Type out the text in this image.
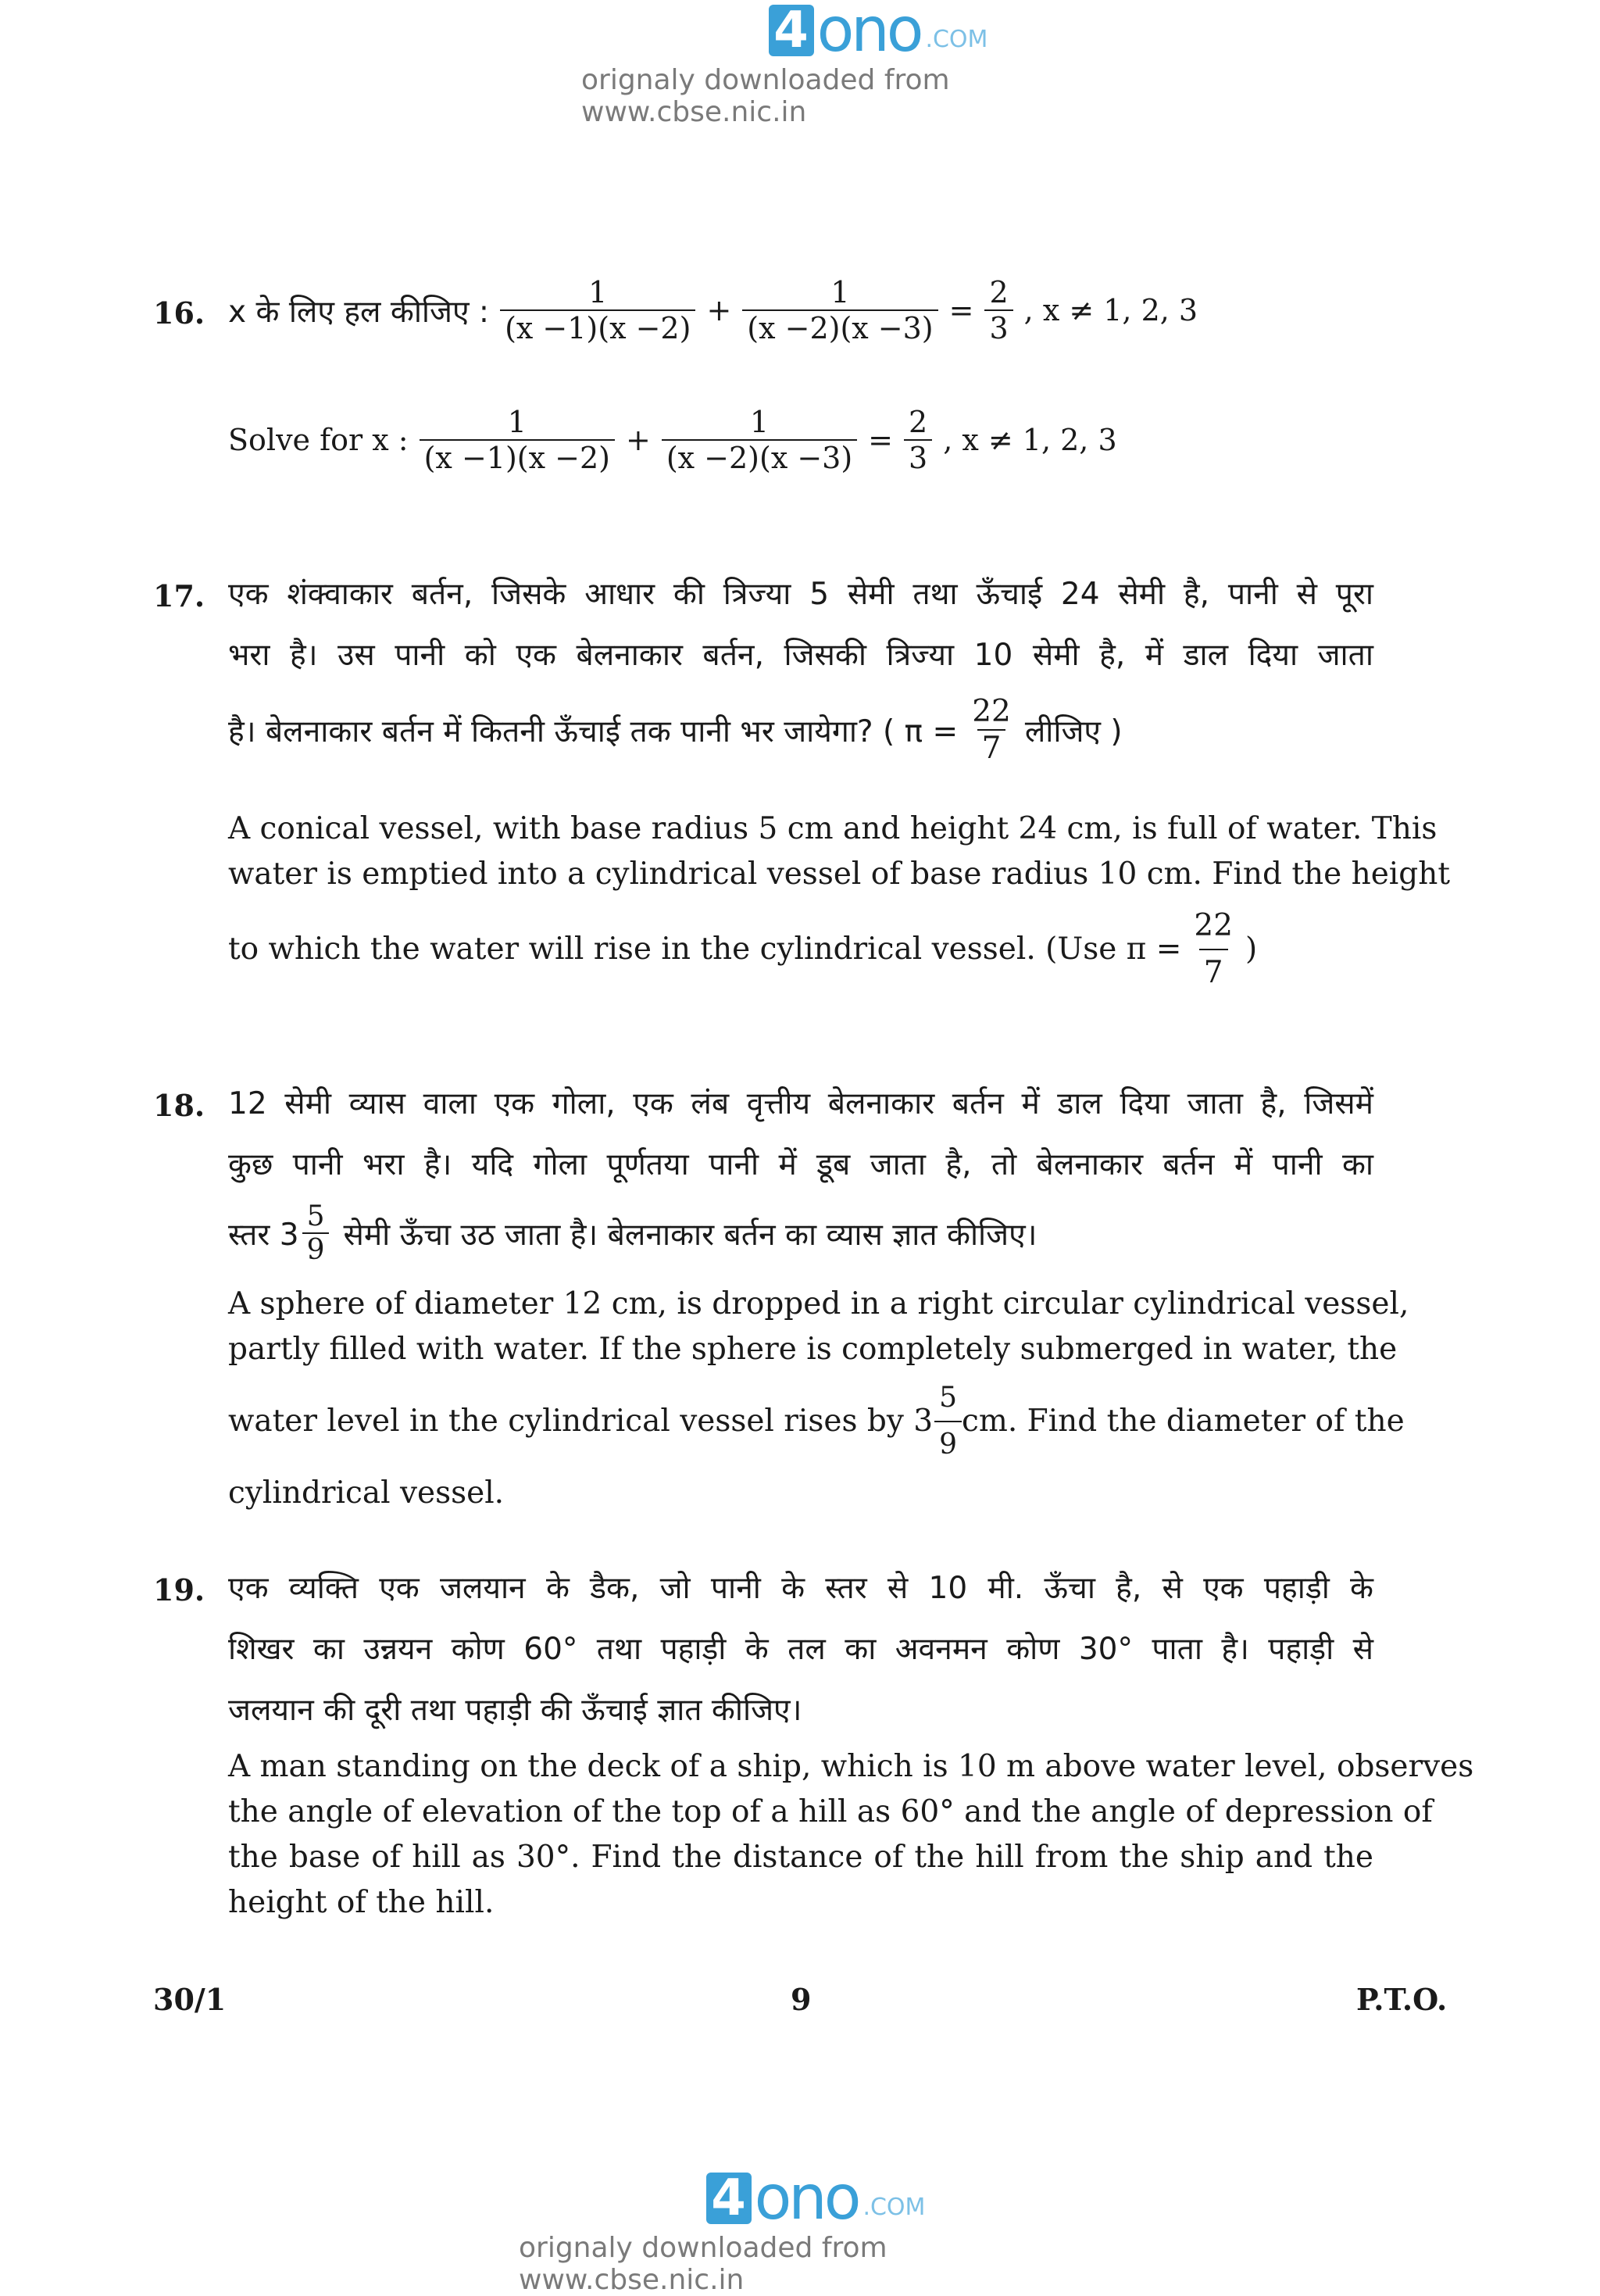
4 ono .COM
orignaly downloaded from www.cbse.nic.in
16. x के लिए हल कीजिए : $\frac{1}{(x -1)(x -2)} + \frac{1}{(x -2)(x -3)} = \frac{2}{3}$ , x ≠ 1, 2, 3
Solve for x : $\frac{1}{(x -1)(x -2)} + \frac{1}{(x -2)(x -3)} = \frac{2}{3}$ , x ≠ 1, 2, 3
17. एक शंक्वाकार बर्तन, जिसके आधार की त्रिज्या 5 सेमी तथा ऊँचाई 24 सेमी है, पानी से पूरा
भरा है। उस पानी को एक बेलनाकार बर्तन, जिसकी त्रिज्या 10 सेमी है, में डाल दिया जाता
है। बेलनाकार बर्तन में कितनी ऊँचाई तक पानी भर जायेगा? ( $\pi = \frac{22}{7}$ लीजिए )
A conical vessel, with base radius 5 cm and height 24 cm, is full of water. This
water is emptied into a cylindrical vessel of base radius 10 cm. Find the height
to which the water will rise in the cylindrical vessel. (Use $\pi = \frac{22}{7}$ )
18. 12 सेमी व्यास वाला एक गोला, एक लंब वृत्तीय बेलनाकार बर्तन में डाल दिया जाता है, जिसमें
कुछ पानी भरा है। यदि गोला पूर्णतया पानी में डूब जाता है, तो बेलनाकार बर्तन में पानी का
स्तर $3 \frac{5}{9}$ सेमी ऊँचा उठ जाता है। बेलनाकार बर्तन का व्यास ज्ञात कीजिए।
A sphere of diameter 12 cm, is dropped in a right circular cylindrical vessel,
partly filled with water. If the sphere is completely submerged in water, the
water level in the cylindrical vessel rises by $3 \frac{5}{9}$ cm. Find the diameter of the
cylindrical vessel.
19. एक व्यक्ति एक जलयान के डैक, जो पानी के स्तर से 10 मी. ऊँचा है, से एक पहाड़ी के
शिखर का उन्नयन कोण 60° तथा पहाड़ी के तल का अवनमन कोण 30° पाता है। पहाड़ी से
जलयान की दूरी तथा पहाड़ी की ऊँचाई ज्ञात कीजिए।
A man standing on the deck of a ship, which is 10 m above water level, observes
the angle of elevation of the top of a hill as 60° and the angle of depression of
the base of hill as 30°. Find the distance of the hill from the ship and the
height of the hill.
30/1	9	P.T.O.
4 ono .COM
orignaly downloaded from www.cbse.nic.in
